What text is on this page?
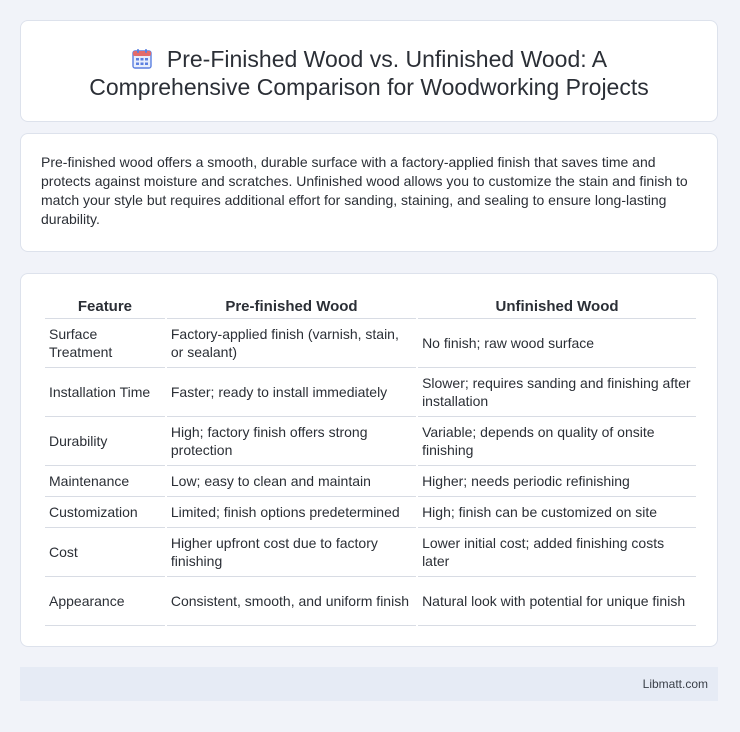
Pre-Finished Wood vs. Unfinished Wood: A Comprehensive Comparison for Woodworking Projects

Pre-finished wood offers a smooth, durable surface with a factory-applied finish that saves time and protects against moisture and scratches. Unfinished wood allows you to customize the stain and finish to match your style but requires additional effort for sanding, staining, and sealing to ensure long-lasting durability.

Feature	Pre-finished Wood	Unfinished Wood
Surface Treatment	Factory-applied finish (varnish, stain, or sealant)	No finish; raw wood surface
Installation Time	Faster; ready to install immediately	Slower; requires sanding and finishing after installation
Durability	High; factory finish offers strong protection	Variable; depends on quality of onsite finishing
Maintenance	Low; easy to clean and maintain	Higher; needs periodic refinishing
Customization	Limited; finish options predetermined	High; finish can be customized on site
Cost	Higher upfront cost due to factory finishing	Lower initial cost; added finishing costs later
Appearance	Consistent, smooth, and uniform finish	Natural look with potential for unique finish
Libmatt.com
